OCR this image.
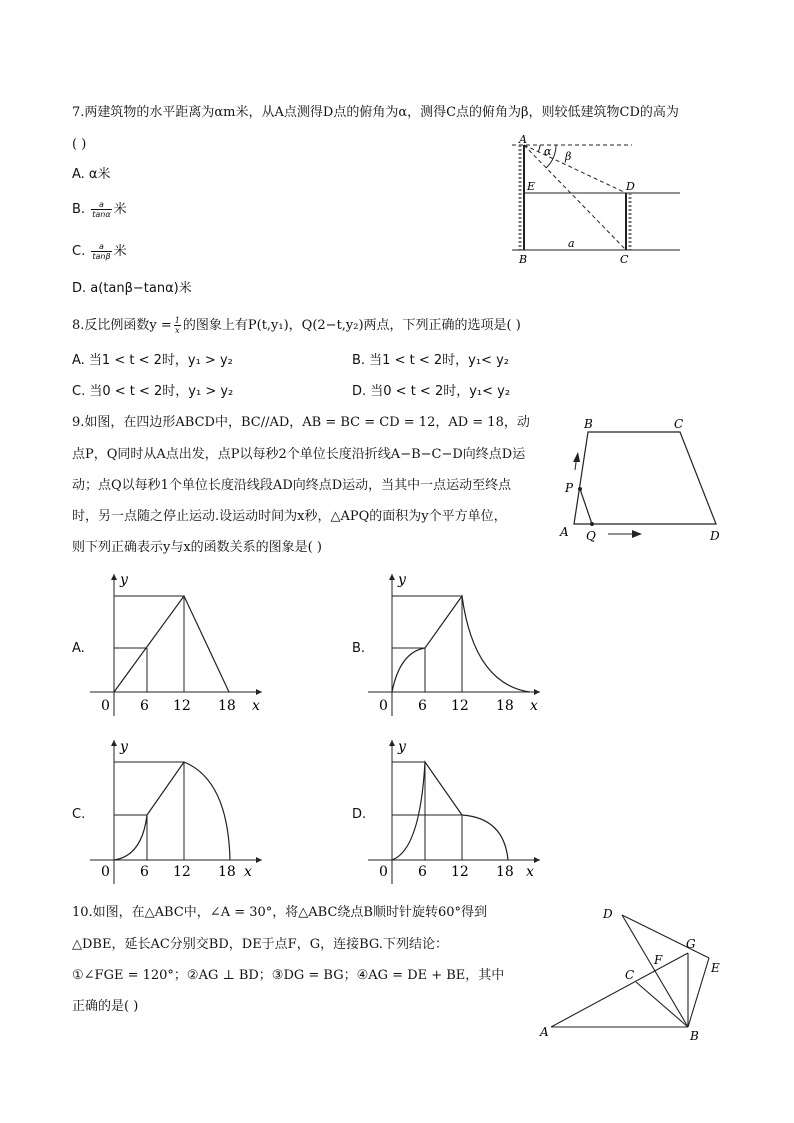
7.两建筑物的水平距离为αm米，从A点测得D点的俯角为α，测得C点的俯角为β，则较低建筑物CD的高为
( )
A. α米
B. $\frac{a}{\tan\alpha}$ 米
C. $\frac{a}{\tan\beta}$ 米
D. a(tanβ−tanα)米
A
α β
E	D
a
B	C
8.反比例函数$y = \frac{1}{x}$ 的图象上有P(t,y₁)，Q(2−t,y₂)两点，下列正确的选项是( )
A. 当1 < t < 2时，y₁ > y₂	B. 当1 < t < 2时，y₁< y₂
C. 当0 < t < 2时，y₁ > y₂	D. 当0 < t < 2时，y₁< y₂
9.如图，在四边形ABCD中，BC//AD，AB = BC = CD = 12，AD = 18，动
点P，Q同时从A点出发，点P以每秒2个单位长度沿折线A−B−C−D向终点D运
动；点Q以每秒1个单位长度沿线段AD向终点D运动，当其中一点运动至终点
时，另一点随之停止运动.设运动时间为x秒，△APQ的面积为y个平方单位，
则下列正确表示y与x的函数关系的图象是( )
B	C
P
A Q	D
A.	B.
C.	D.
y
x
0 6 12 18
y
x
0 6 12 18
y
x
0 6 12 18
y
x
0 6 12 18
10.如图，在△ABC中，∠A = 30°，将△ABC绕点B顺时针旋转60°得到
△DBE，延长AC分别交BD，DE于点F，G，连接BG.下列结论：
①∠FGE = 120°；②AG ⊥ BD；③DG = BG；④AG = DE + BE，其中
正确的是( )
D
G
E
F
C
A	B
